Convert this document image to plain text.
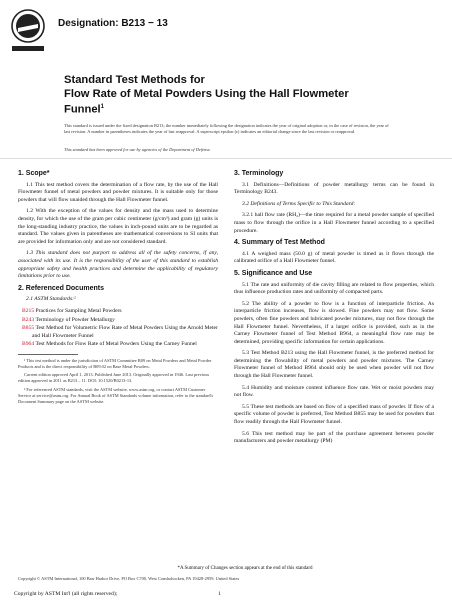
Designation: B213 − 13
Standard Test Methods for
Flow Rate of Metal Powders Using the Hall Flowmeter
Funnel$^1$
This standard is issued under the fixed designation B213; the number immediately following the designation indicates the year of original adoption or, in the case of revision, the year of last revision. A number in parentheses indicates the year of last reapproval. A superscript epsilon (ε) indicates an editorial change since the last revision or reapproval.
This standard has been approved for use by agencies of the Department of Defense.
1. Scope*
1.1 This test method covers the determination of a flow rate, by the use of the Hall Flowmeter funnel of metal powders and powder mixtures. It is suitable only for those powders that will flow unaided through the Hall Flowmeter funnel.
1.2 With the exception of the values for density and the mass used to determine density, for which the use of the gram per cubic centimeter (g/cm³) and gram (g) units is the long-standing industry practice, the values in inch-pound units are to be regarded as standard. The values given in parentheses are mathematical conversions to SI units that are provided for information only and are not considered standard.
1.3 This standard does not purport to address all of the safety concerns, if any, associated with its use. It is the responsibility of the user of this standard to establish appropriate safety and health practices and determine the applicability of regulatory limitations prior to use.
2. Referenced Documents
2.1 ASTM Standards:²
B215 Practices for Sampling Metal Powders
B243 Terminology of Powder Metallurgy
B855 Test Method for Volumetric Flow Rate of Metal Powders Using the Arnold Meter and Hall Flowmeter Funnel
B964 Test Methods for Flow Rate of Metal Powders Using the Carney Funnel
¹ This test method is under the jurisdiction of ASTM Committee B09 on Metal Powders and Metal Powder Products and is the direct responsibility of B09.02 on Base Metal Powders.
Current edition approved April 1, 2013. Published June 2013. Originally approved in 1946. Last previous edition approved in 2011 as B213 – 11. DOI: 10.1520/B0213-13.
² For referenced ASTM standards, visit the ASTM website, www.astm.org, or contact ASTM Customer Service at service@astm.org. For Annual Book of ASTM Standards volume information, refer to the standard's Document Summary page on the ASTM website.
3. Terminology
3.1 Definitions—Definitions of powder metallurgy terms can be found in Terminology B243.
3.2 Definitions of Terms Specific to This Standard:
3.2.1 hall flow rate (RH₂)—the time required for a metal powder sample of specified mass to flow through the orifice in a Hall Flowmeter funnel according to a specified procedure.
4. Summary of Test Method
4.1 A weighed mass (50.0 g) of metal powder is timed as it flows through the calibrated orifice of a Hall Flowmeter funnel.
5. Significance and Use
5.1 The rate and uniformity of die cavity filling are related to flow properties, which thus influence production rates and uniformity of compacted parts.
5.2 The ability of a powder to flow is a function of interparticle friction. As interparticle friction increases, flow is slowed. Fine powders may not flow. Some powders, often fine powders and lubricated powder mixtures, may not flow through the Hall Flowmeter funnel. Nevertheless, if a larger orifice is provided, such as in the Carney Flowmeter funnel of Test Method B964, a meaningful flow rate may be determined, providing specific information for certain applications.
5.3 Test Method B213 using the Hall Flowmeter funnel, is the preferred method for determining the flowability of metal powders and powder mixtures. The Carney Flowmeter funnel of Method B964 should only be used when powder will not flow through the Hall Flowmeter funnel.
5.4 Humidity and moisture content influence flow rate. Wet or moist powders may not flow.
5.5 These test methods are based on flow of a specified mass of powder. If flow of a specific volume of powder is preferred, Test Method B855 may be used for powders that flow readily through the Hall Flowmeter funnel.
5.6 This test method may be part of the purchase agreement between powder manufacturers and powder metallurgy (PM)
*A Summary of Changes section appears at the end of this standard
Copyright © ASTM International, 100 Barr Harbor Drive, PO Box C700, West Conshohocken, PA 19428-2959. United States
Copyright by ASTM Int'l (all rights reserved);	1
